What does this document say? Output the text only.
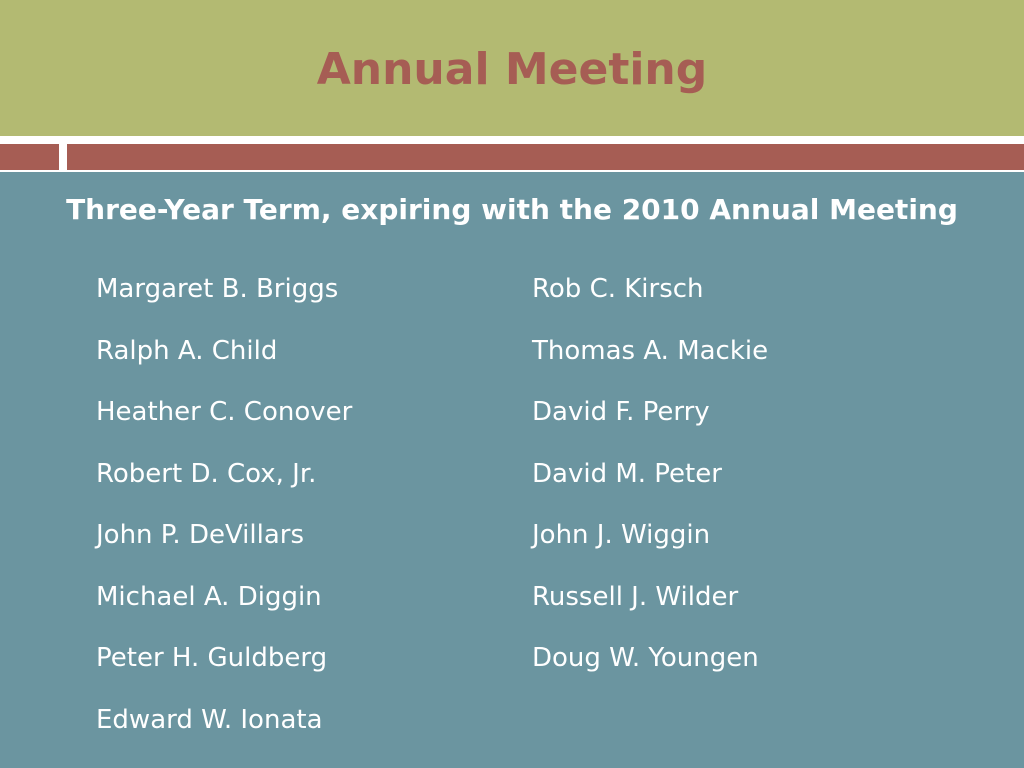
Annual Meeting
Three-Year Term, expiring with the 2010 Annual Meeting
Margaret B. Briggs
Ralph A. Child
Heather C. Conover
Robert D. Cox, Jr.
John P. DeVillars
Michael A. Diggin
Peter H. Guldberg
Edward W. Ionata
Rob C. Kirsch
Thomas A. Mackie
David F. Perry
David M. Peter
John J. Wiggin
Russell J. Wilder
Doug W. Youngen
